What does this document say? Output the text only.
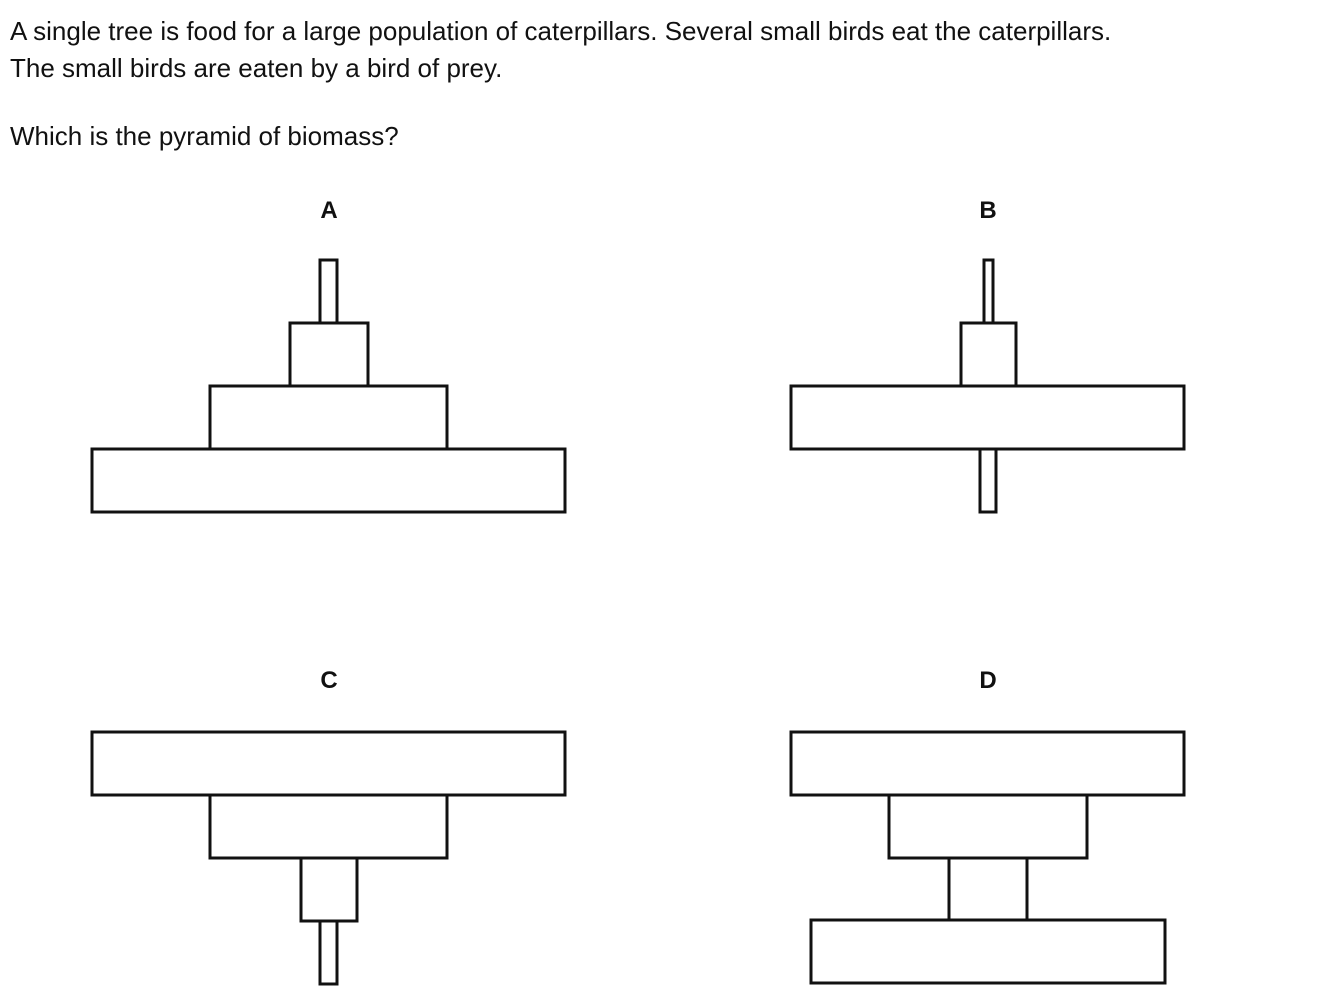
A single tree is food for a large population of caterpillars. Several small birds eat the caterpillars.

The small birds are eaten by a bird of prey.

Which is the pyramid of biomass?

A	B
C	D
